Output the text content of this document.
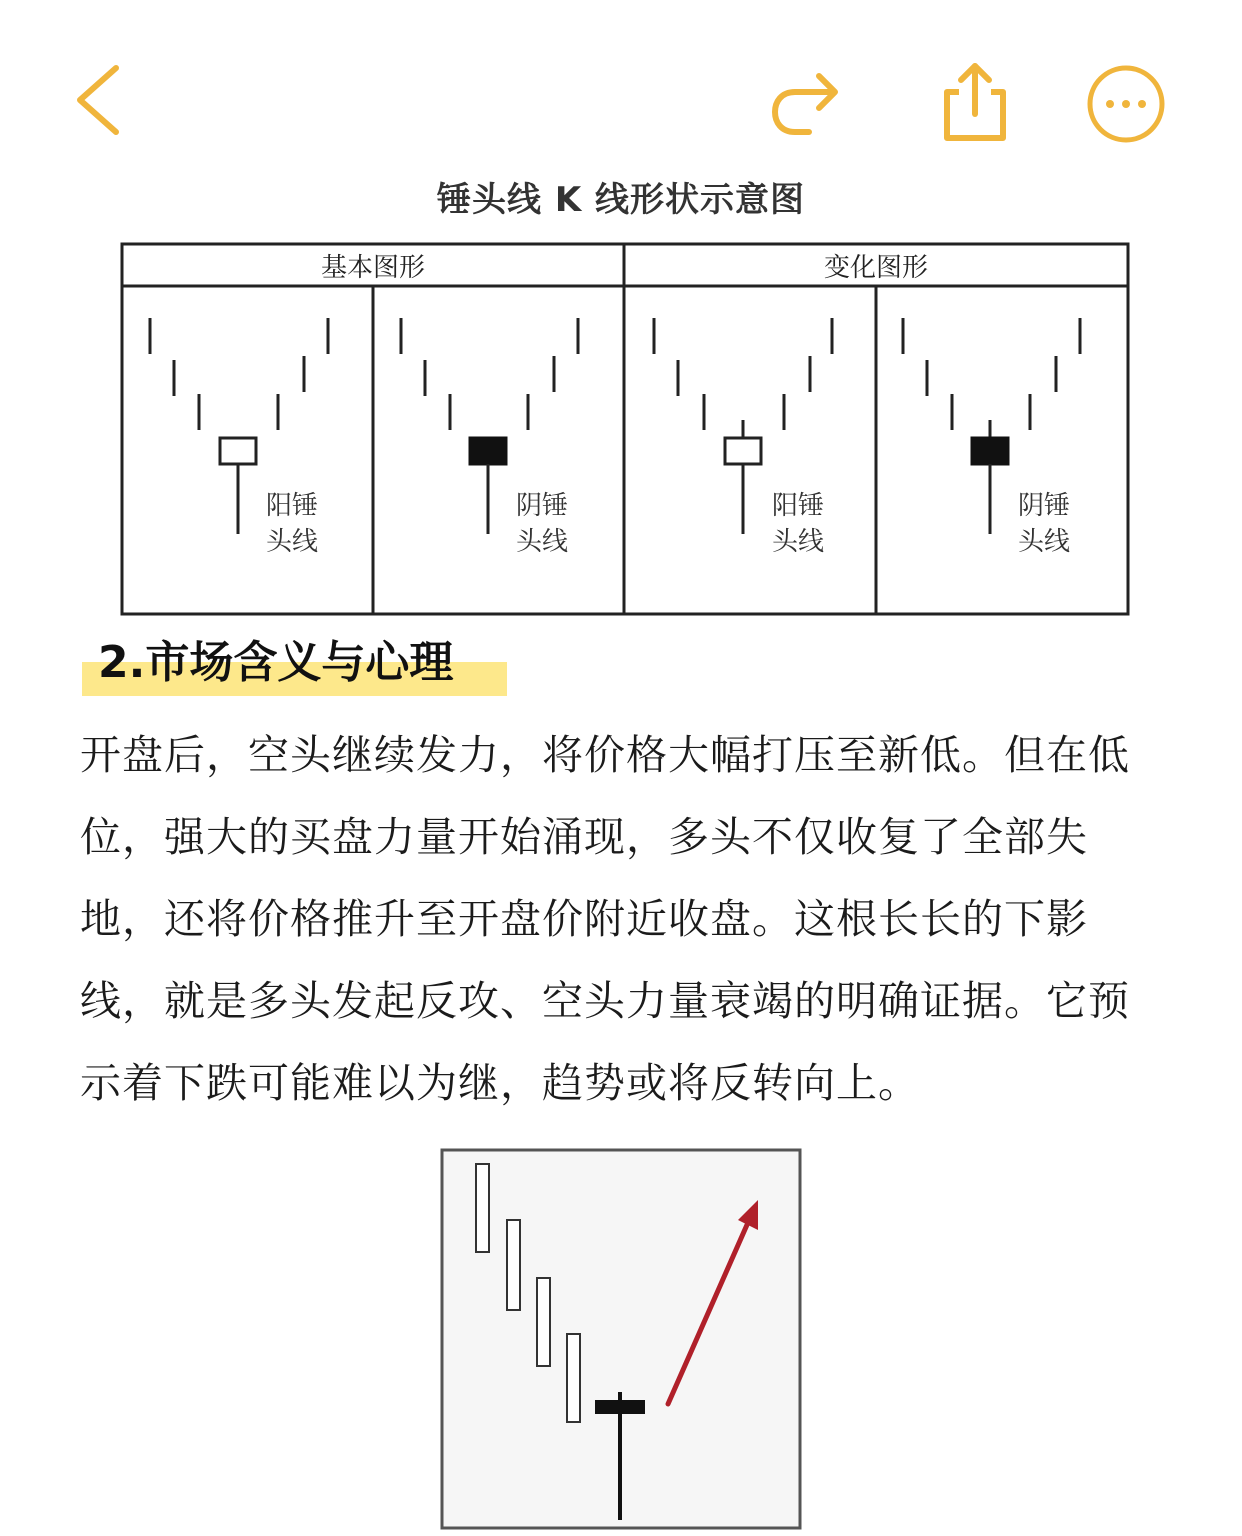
锤头线 K 线形状示意图
基本图形	变化图形
阳锤
头线
阴锤
头线
阳锤
头线
阴锤
头线
2.市场含义与心理

开盘后，空头继续发力，将价格大幅打压至新低。但在低位，强大的买盘力量开始涌现，多头不仅收复了全部失地，还将价格推升至开盘价附近收盘。这根长长的下影线，就是多头发起反攻、空头力量衰竭的明确证据。它预示着下跌可能难以为继，趋势或将反转向上。
